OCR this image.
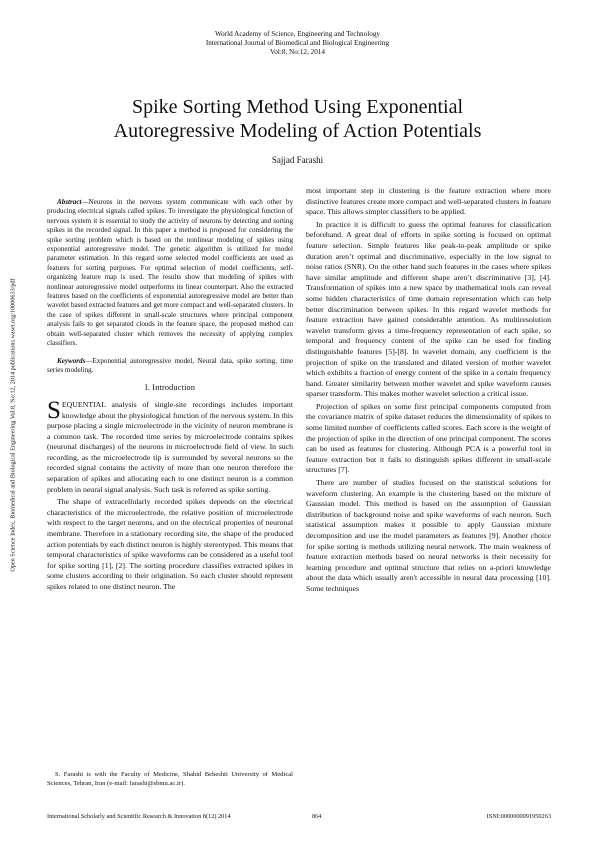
World Academy of Science, Engineering and Technology
International Journal of Biomedical and Biological Engineering
Vol:8, No:12, 2014
Spike Sorting Method Using Exponential
Autoregressive Modeling of Action Potentials
Sajjad Farashi
Open Science Index, Biomedical and Biological Engineering Vol:8, No:12, 2014 publications.waset.org/10000633/pdf

Abstract—Neurons in the nervous system communicate with each other by producing electrical signals called spikes. To investigate the physiological function of nervous system it is essential to study the activity of neurons by detecting and sorting spikes in the recorded signal. In this paper a method is proposed for considering the spike sorting problem which is based on the nonlinear modeling of spikes using exponential autoregressive model. The genetic algorithm is utilized for model parameter estimation. In this regard some selected model coefficients are used as features for sorting purposes. For optimal selection of model coefficients, self-organizing feature map is used. The results show that modeling of spikes with nonlinear autoregressive model outperforms its linear counterpart. Also the extracted features based on the coefficients of exponential autoregressive model are better than wavelet based extracted features and get more compact and well-separated clusters. In the case of spikes different in small-scale structures where principal component analysis fails to get separated clouds in the feature space, the proposed method can obtain well-separated cluster which removes the necessity of applying complex classifiers.

Keywords—Exponential autoregressive model, Neural data, spike sorting, time series modeling.

I. Introduction

SEQUENTIAL analysis of single-site recordings includes important knowledge about the physiological function of the nervous system. In this purpose placing a single microelectrode in the vicinity of neuron membrane is a common task. The recorded time series by microelectrode contains spikes (neuronal discharges) of the neurons in microelectrode field of view. In such recording, as the microelectrode tip is surrounded by several neurons so the recorded signal contains the activity of more than one neuron therefore the separation of spikes and allocating each to one distinct neuron is a common problem in neural signal analysis. Such task is referred as spike sorting.

The shape of extracellularly recorded spikes depends on the electrical characteristics of the microelectrode, the relative position of microelectrode with respect to the target neurons, and on the electrical properties of neuronal membrane. Therefore in a stationary recording site, the shape of the produced action potentials by each distinct neuron is highly stereotyped. This means that temporal characteristics of spike waveforms can be considered as a useful tool for spike sorting [1], [2]. The sorting procedure classifies extracted spikes in some clusters according to their origination. So each cluster should represent spikes related to one distinct neuron. The

S. Farashi is with the Faculty of Medicine, Shahid Beheshti University of Medical Sciences, Tehran, Iran (e-mail: farashi@sbmu.ac.ir).

most important step in clustering is the feature extraction where more distinctive features create more compact and well-separated clusters in feature space. This allows simpler classifiers to be applied.

In practice it is difficult to guess the optimal features for classification beforehand. A great deal of efforts in spike sorting is focused on optimal feature selection. Simple features like peak-to-peak amplitude or spike duration aren’t optimal and discriminative, especially in the low signal to noise ratios (SNR). On the other hand such features in the cases where spikes have similar amplitude and different shape aren’t discriminative [3], [4]. Transformation of spikes into a new space by mathematical tools can reveal some hidden characteristics of time domain representation which can help better discrimination between spikes. In this regard wavelet methods for feature extraction have gained considerable attention. As multiresolution wavelet transform gives a time-frequency representation of each spike, so temporal and frequency content of the spike can be used for finding distinguishable features [5]-[8]. In wavelet domain, any coefficient is the projection of spike on the translated and dilated version of mother wavelet which exhibits a fraction of energy content of the spike in a certain frequency band. Greater similarity between mother wavelet and spike waveform causes sparser transform. This makes mother wavelet selection a critical issue.

Projection of spikes on some first principal components computed from the covariance matrix of spike dataset reduces the dimensionality of spikes to some limited number of coefficients called scores. Each score is the weight of the projection of spike in the direction of one principal component. The scores can be used as features for clustering. Although PCA is a powerful tool in feature extraction but it fails to distinguish spikes different in small-scale structures [7].

There are number of studies focused on the statistical solutions for waveform clustering. An example is the clustering based on the mixture of Gaussian model. This method is based on the assumption of Gaussian distribution of background noise and spike waveforms of each neuron. Such statistical assumption makes it possible to apply Gaussian mixture decomposition and use the model parameters as features [9]. Another choice for spike sorting is methods utilizing neural network. The main weakness of feature extraction methods based on neural networks is their necessity for learning procedure and optimal structure that relies on a-priori knowledge about the data which usually aren't accessible in neural data processing [10]. Some techniques

International Scholarly and Scientific Research & Innovation 8(12) 2014	864	ISNI:0000000091950263
